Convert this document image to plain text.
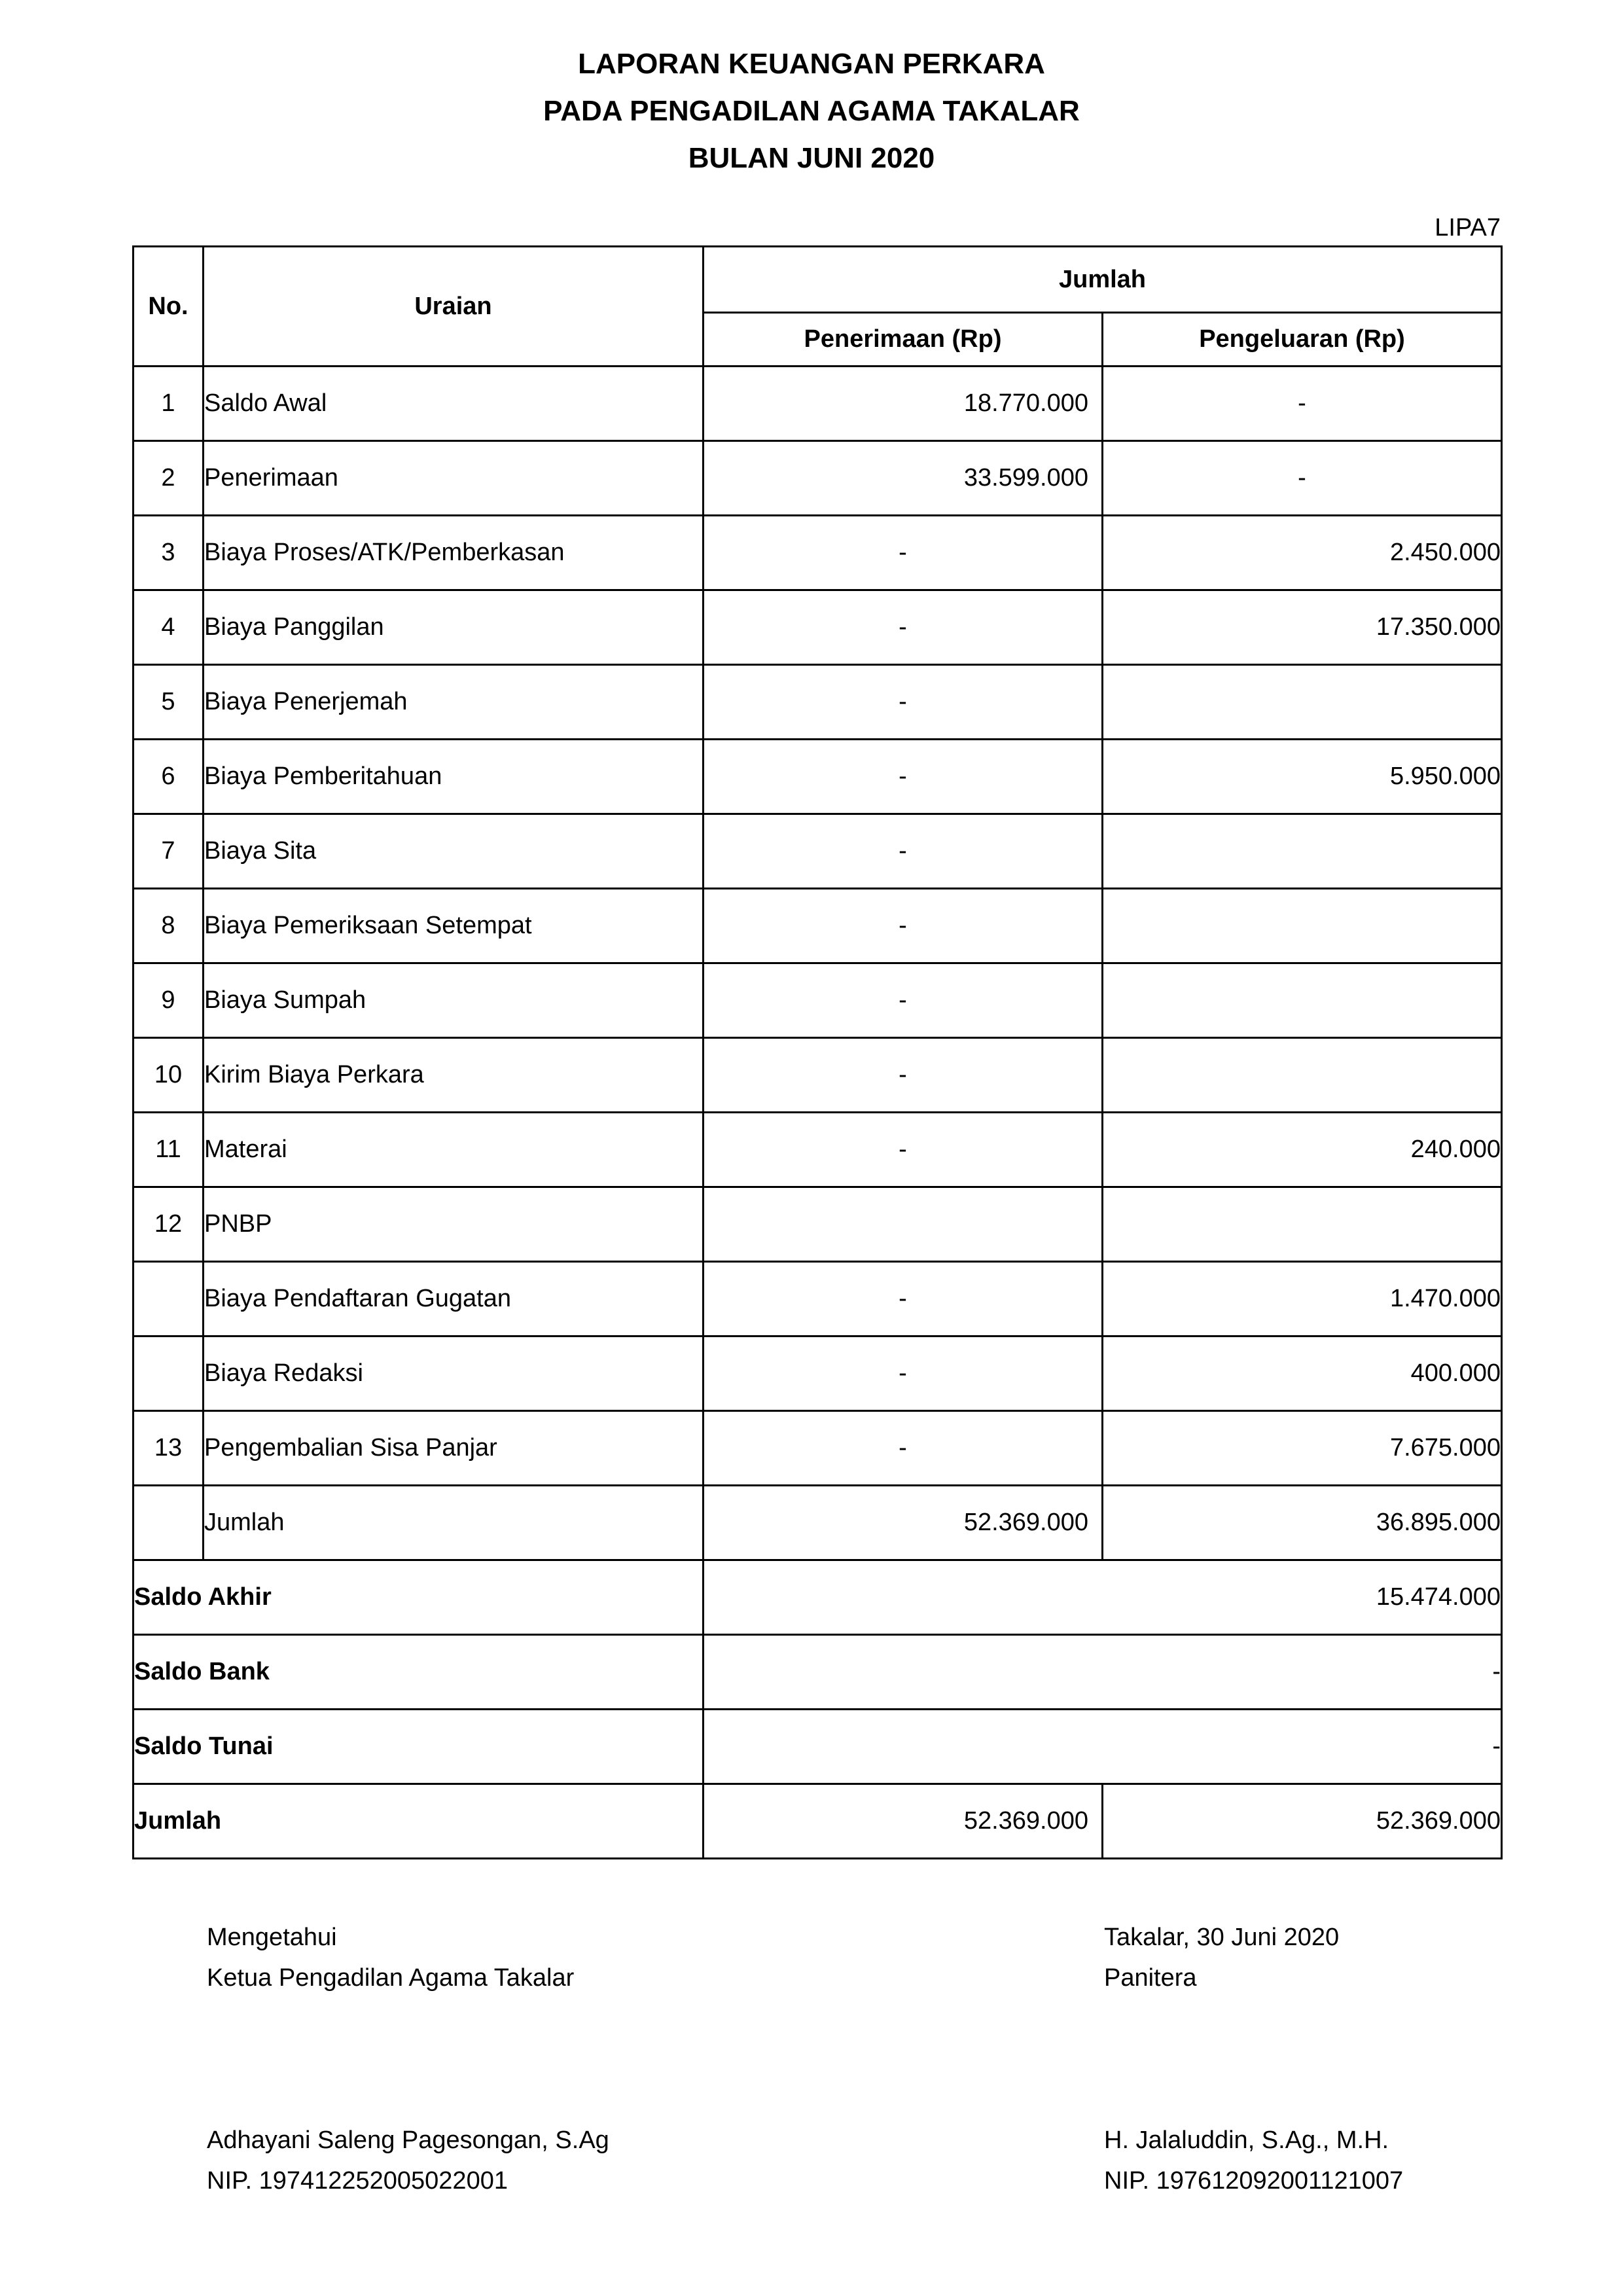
LAPORAN KEUANGAN PERKARA
PADA PENGADILAN AGAMA TAKALAR
BULAN JUNI 2020
LIPA7
No.	Uraian	Jumlah	
		Penerimaan (Rp)	Pengeluaran (Rp)
1	Saldo Awal	18.770.000	-
2	Penerimaan	33.599.000	-
3	Biaya Proses/ATK/Pemberkasan	-	2.450.000
4	Biaya Panggilan	-	17.350.000
5	Biaya Penerjemah	-	
6	Biaya Pemberitahuan	-	5.950.000
7	Biaya Sita	-	
8	Biaya Pemeriksaan Setempat	-	
9	Biaya Sumpah	-	
10	Kirim Biaya Perkara	-	
11	Materai	-	240.000
12	PNBP		
	Biaya Pendaftaran Gugatan	-	1.470.000
	Biaya Redaksi	-	400.000
13	Pengembalian Sisa Panjar	-	7.675.000
	Jumlah	52.369.000	36.895.000
Saldo Akhir		15.474.000	
Saldo Bank		-	
Saldo Tunai		-	
Jumlah		52.369.000	52.369.000
Mengetahui
Ketua Pengadilan Agama Takalar
Adhayani Saleng Pagesongan, S.Ag
NIP. 197412252005022001
Takalar, 30 Juni 2020
Panitera
H. Jalaluddin, S.Ag., M.H.
NIP. 197612092001121007
